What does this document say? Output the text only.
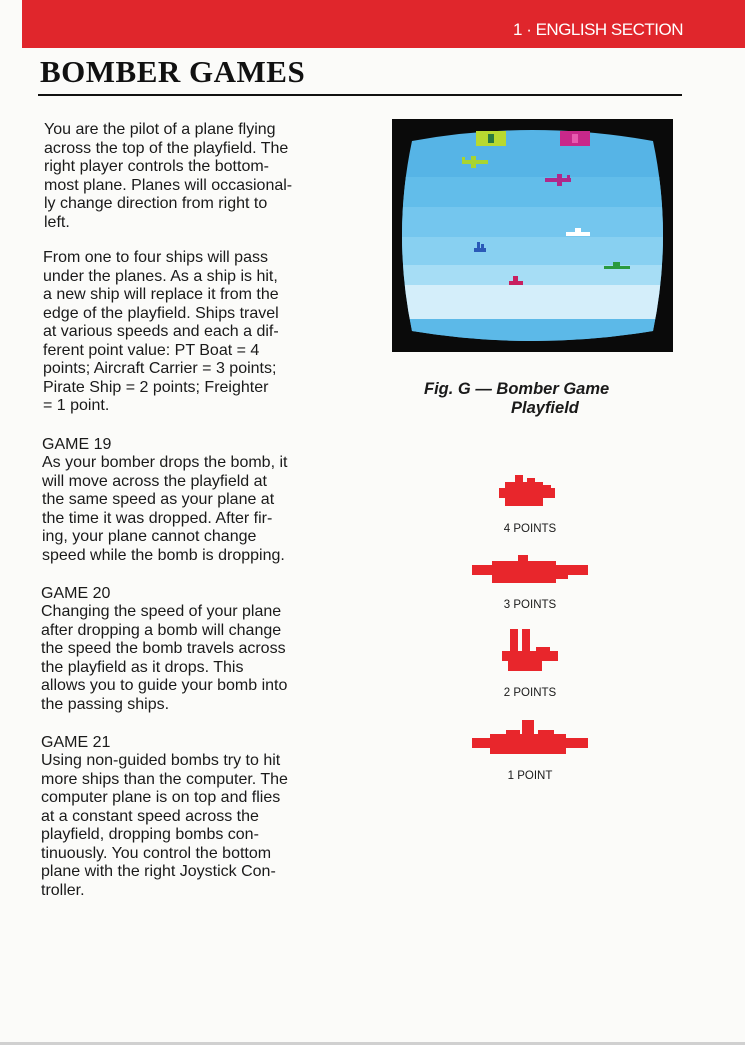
1 · ENGLISH SECTION
BOMBER GAMES

You are the pilot of a plane flying
across the top of the playfield. The
right player controls the bottom-
most plane. Planes will occasional-
ly change direction from right to
left.

From one to four ships will pass
under the planes. As a ship is hit,
a new ship will replace it from the
edge of the playfield. Ships travel
at various speeds and each a dif-
ferent point value: PT Boat = 4
points; Aircraft Carrier = 3 points;
Pirate Ship = 2 points; Freighter
= 1 point.

GAME 19

As your bomber drops the bomb, it
will move across the playfield at
the same speed as your plane at
the time it was dropped. After fir-
ing, your plane cannot change
speed while the bomb is dropping.

GAME 20

Changing the speed of your plane
after dropping a bomb will change
the speed the bomb travels across
the playfield as it drops. This
allows you to guide your bomb into
the passing ships.

GAME 21

Using non-guided bombs try to hit
more ships than the computer. The
computer plane is on top and flies
at a constant speed across the
playfield, dropping bombs con-
tinuously. You control the bottom
plane with the right Joystick Con-
troller.

Fig. G — Bomber Game
Playfield
4 POINTS
3 POINTS
2 POINTS
1 POINT
